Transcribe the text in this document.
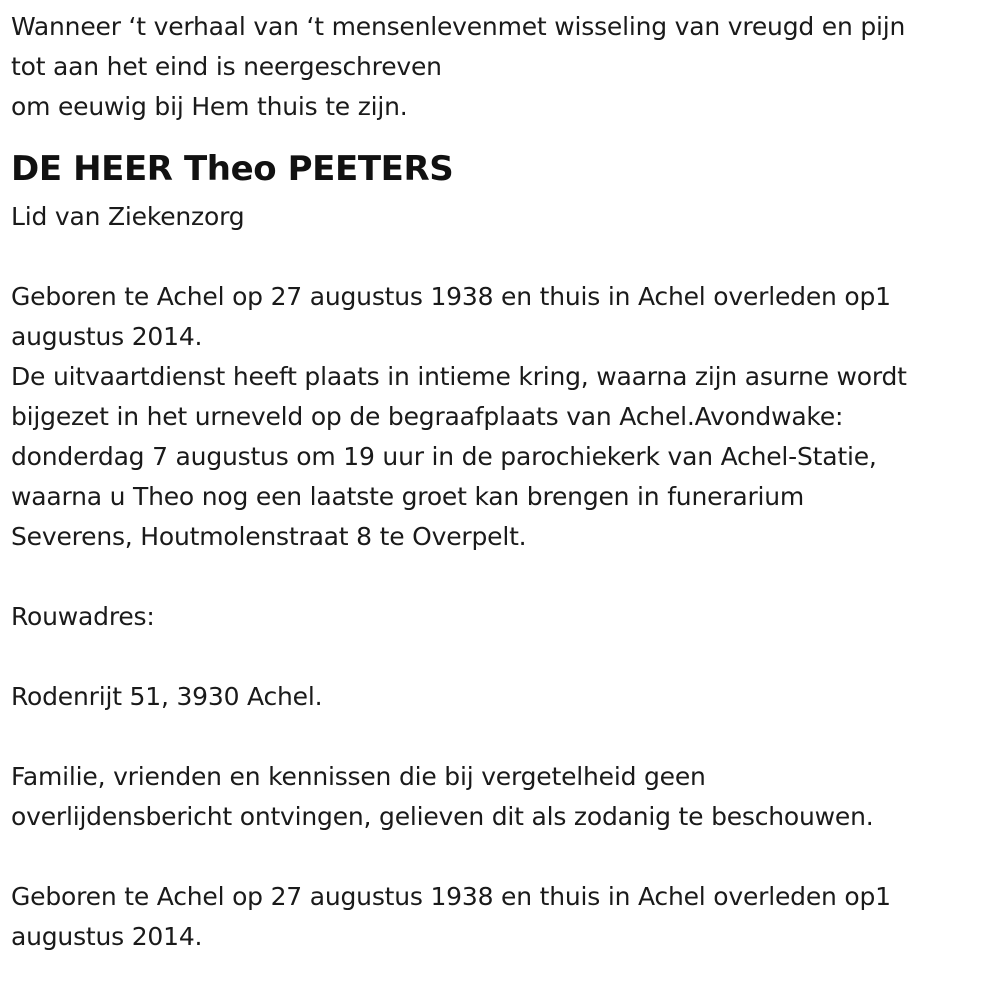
Wanneer ‘t verhaal van ‘t mensenlevenmet wisseling van vreugd en pijn
tot aan het eind is neergeschreven
om eeuwig bij Hem thuis te zijn.
DE HEER Theo PEETERS
Lid van Ziekenzorg
Geboren te Achel op 27 augustus 1938 en thuis in Achel overleden op1
augustus 2014.
De uitvaartdienst heeft plaats in intieme kring, waarna zijn asurne wordt
bijgezet in het urneveld op de begraafplaats van Achel.Avondwake:
donderdag 7 augustus om 19 uur in de parochiekerk van Achel-Statie,
waarna u Theo nog een laatste groet kan brengen in funerarium
Severens, Houtmolenstraat 8 te Overpelt.
Rouwadres:
Rodenrijt 51, 3930 Achel.
Familie, vrienden en kennissen die bij vergetelheid geen
overlijdensbericht ontvingen, gelieven dit als zodanig te beschouwen.
Geboren te Achel op 27 augustus 1938 en thuis in Achel overleden op1
augustus 2014.
